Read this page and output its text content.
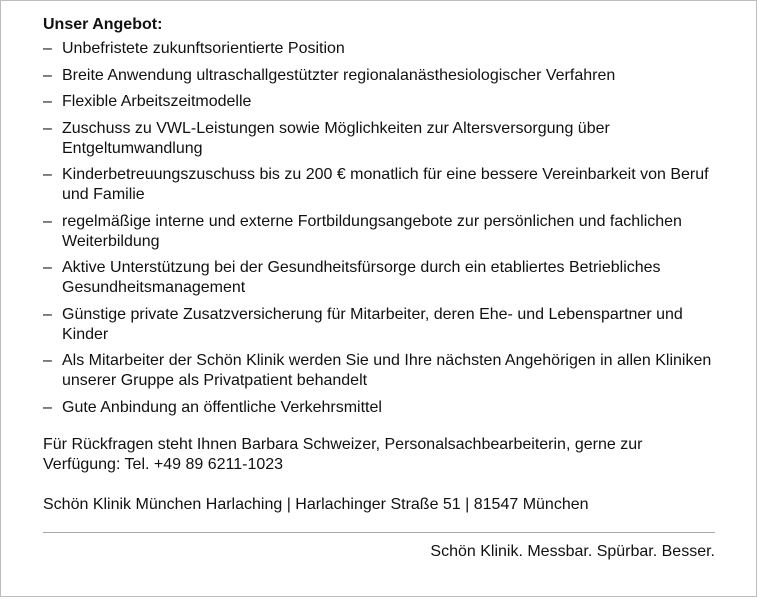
Unser Angebot:
– Unbefristete zukunftsorientierte Position
– Breite Anwendung ultraschallgestützter regionalanästhesiologischer Verfahren
– Flexible Arbeitszeitmodelle
– Zuschuss zu VWL-Leistungen sowie Möglichkeiten zur Altersversorgung über Entgeltumwandlung
– Kinderbetreuungszuschuss bis zu 200 € monatlich für eine bessere Vereinbarkeit von Beruf und Familie
– regelmäßige interne und externe Fortbildungsangebote zur persönlichen und fachlichen Weiterbildung
– Aktive Unterstützung bei der Gesundheitsfürsorge durch ein etabliertes Betriebliches Gesundheitsmanagement
– Günstige private Zusatzversicherung für Mitarbeiter, deren Ehe- und Lebenspartner und Kinder
– Als Mitarbeiter der Schön Klinik werden Sie und Ihre nächsten Angehörigen in allen Kliniken unserer Gruppe als Privatpatient behandelt
– Gute Anbindung an öffentliche Verkehrsmittel
Für Rückfragen steht Ihnen Barbara Schweizer, Personalsachbearbeiterin, gerne zur Verfügung: Tel. +49 89 6211-1023
Schön Klinik München Harlaching | Harlachinger Straße 51 | 81547 München
Schön Klinik. Messbar. Spürbar. Besser.
